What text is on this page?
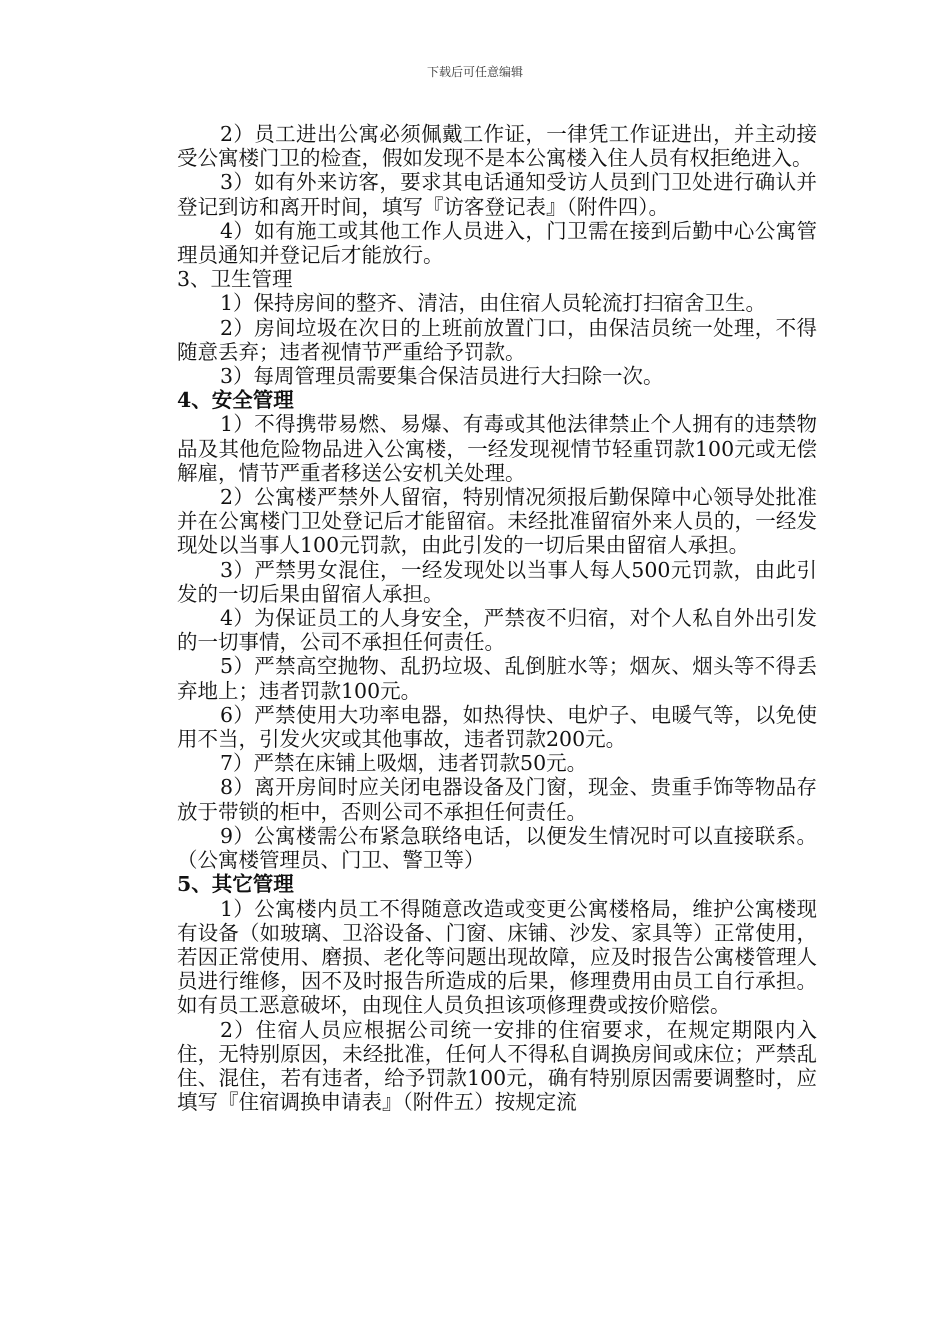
下载后可任意编辑

2）员工进出公寓必须佩戴工作证，一律凭工作证进出，并主动接受公寓楼门卫的检查，假如发现不是本公寓楼入住人员有权拒绝进入。

3）如有外来访客，要求其电话通知受访人员到门卫处进行确认并登记到访和离开时间，填写『访客登记表』（附件四）。

4）如有施工或其他工作人员进入，门卫需在接到后勤中心公寓管理员通知并登记后才能放行。

3、卫生管理

1）保持房间的整齐、清洁，由住宿人员轮流打扫宿舍卫生。

2）房间垃圾在次日的上班前放置门口，由保洁员统一处理，不得随意丢弃；违者视情节严重给予罚款。

3）每周管理员需要集合保洁员进行大扫除一次。

4、安全管理

1）不得携带易燃、易爆、有毒或其他法律禁止个人拥有的违禁物品及其他危险物品进入公寓楼，一经发现视情节轻重罚款100元或无偿解雇，情节严重者移送公安机关处理。

2）公寓楼严禁外人留宿，特别情况须报后勤保障中心领导处批准并在公寓楼门卫处登记后才能留宿。未经批准留宿外来人员的，一经发现处以当事人100元罚款，由此引发的一切后果由留宿人承担。

3）严禁男女混住，一经发现处以当事人每人500元罚款，由此引发的一切后果由留宿人承担。

4）为保证员工的人身安全，严禁夜不归宿，对个人私自外出引发的一切事情，公司不承担任何责任。

5）严禁高空抛物、乱扔垃圾、乱倒脏水等；烟灰、烟头等不得丢弃地上；违者罚款100元。

6）严禁使用大功率电器，如热得快、电炉子、电暖气等，以免使用不当，引发火灾或其他事故，违者罚款200元。

7）严禁在床铺上吸烟，违者罚款50元。

8）离开房间时应关闭电器设备及门窗，现金、贵重手饰等物品存放于带锁的柜中，否则公司不承担任何责任。

9）公寓楼需公布紧急联络电话，以便发生情况时可以直接联系。（公寓楼管理员、门卫、警卫等）

5、其它管理

1）公寓楼内员工不得随意改造或变更公寓楼格局，维护公寓楼现有设备（如玻璃、卫浴设备、门窗、床铺、沙发、家具等）正常使用，若因正常使用、磨损、老化等问题出现故障，应及时报告公寓楼管理人员进行维修，因不及时报告所造成的后果，修理费用由员工自行承担。如有员工恶意破坏，由现住人员负担该项修理费或按价赔偿。

2）住宿人员应根据公司统一安排的住宿要求，在规定期限内入住，无特别原因，未经批准，任何人不得私自调换房间或床位；严禁乱住、混住，若有违者，给予罚款100元，确有特别原因需要调整时，应填写『住宿调换申请表』（附件五）按规定流
